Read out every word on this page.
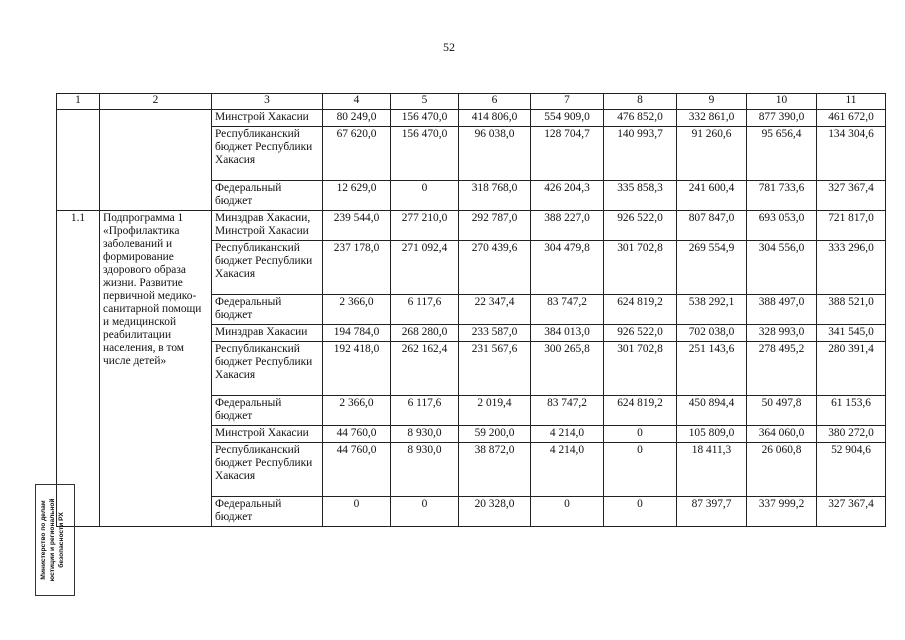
52
1	2	3	4	5	6	7	8	9	10	11
		Минстрой Хакасии	80 249,0	156 470,0	414 806,0	554 909,0	476 852,0	332 861,0	877 390,0	461 672,0
		Республиканский бюджет Республики Хакасия	67 620,0	156 470,0	96 038,0	128 704,7	140 993,7	91 260,6	95 656,4	134 304,6
		Федеральный бюджет	12 629,0	0	318 768,0	426 204,3	335 858,3	241 600,4	781 733,6	327 367,4
1.1	Подпрограмма 1 «Профилактика заболеваний и формирование здорового образа жизни. Развитие первичной медико-санитарной помощи и медицинской реабилитации населения, в том числе детей»	Минздрав Хакасии, Минстрой Хакасии	239 544,0	277 210,0	292 787,0	388 227,0	926 522,0	807 847,0	693 053,0	721 817,0
		Республиканский бюджет Республики Хакасия	237 178,0	271 092,4	270 439,6	304 479,8	301 702,8	269 554,9	304 556,0	333 296,0
		Федеральный бюджет	2 366,0	6 117,6	22 347,4	83 747,2	624 819,2	538 292,1	388 497,0	388 521,0
		Минздрав Хакасии	194 784,0	268 280,0	233 587,0	384 013,0	926 522,0	702 038,0	328 993,0	341 545,0
		Республиканский бюджет Республики Хакасия	192 418,0	262 162,4	231 567,6	300 265,8	301 702,8	251 143,6	278 495,2	280 391,4
		Федеральный бюджет	2 366,0	6 117,6	2 019,4	83 747,2	624 819,2	450 894,4	50 497,8	61 153,6
		Минстрой Хакасии	44 760,0	8 930,0	59 200,0	4 214,0	0	105 809,0	364 060,0	380 272,0
		Республиканский бюджет Республики Хакасия	44 760,0	8 930,0	38 872,0	4 214,0	0	18 411,3	26 060,8	52 904,6
		Федеральный бюджет	0	0	20 328,0	0	0	87 397,7	337 999,2	327 367,4
Министерство по делам юстиции и региональной безопасности РХ
